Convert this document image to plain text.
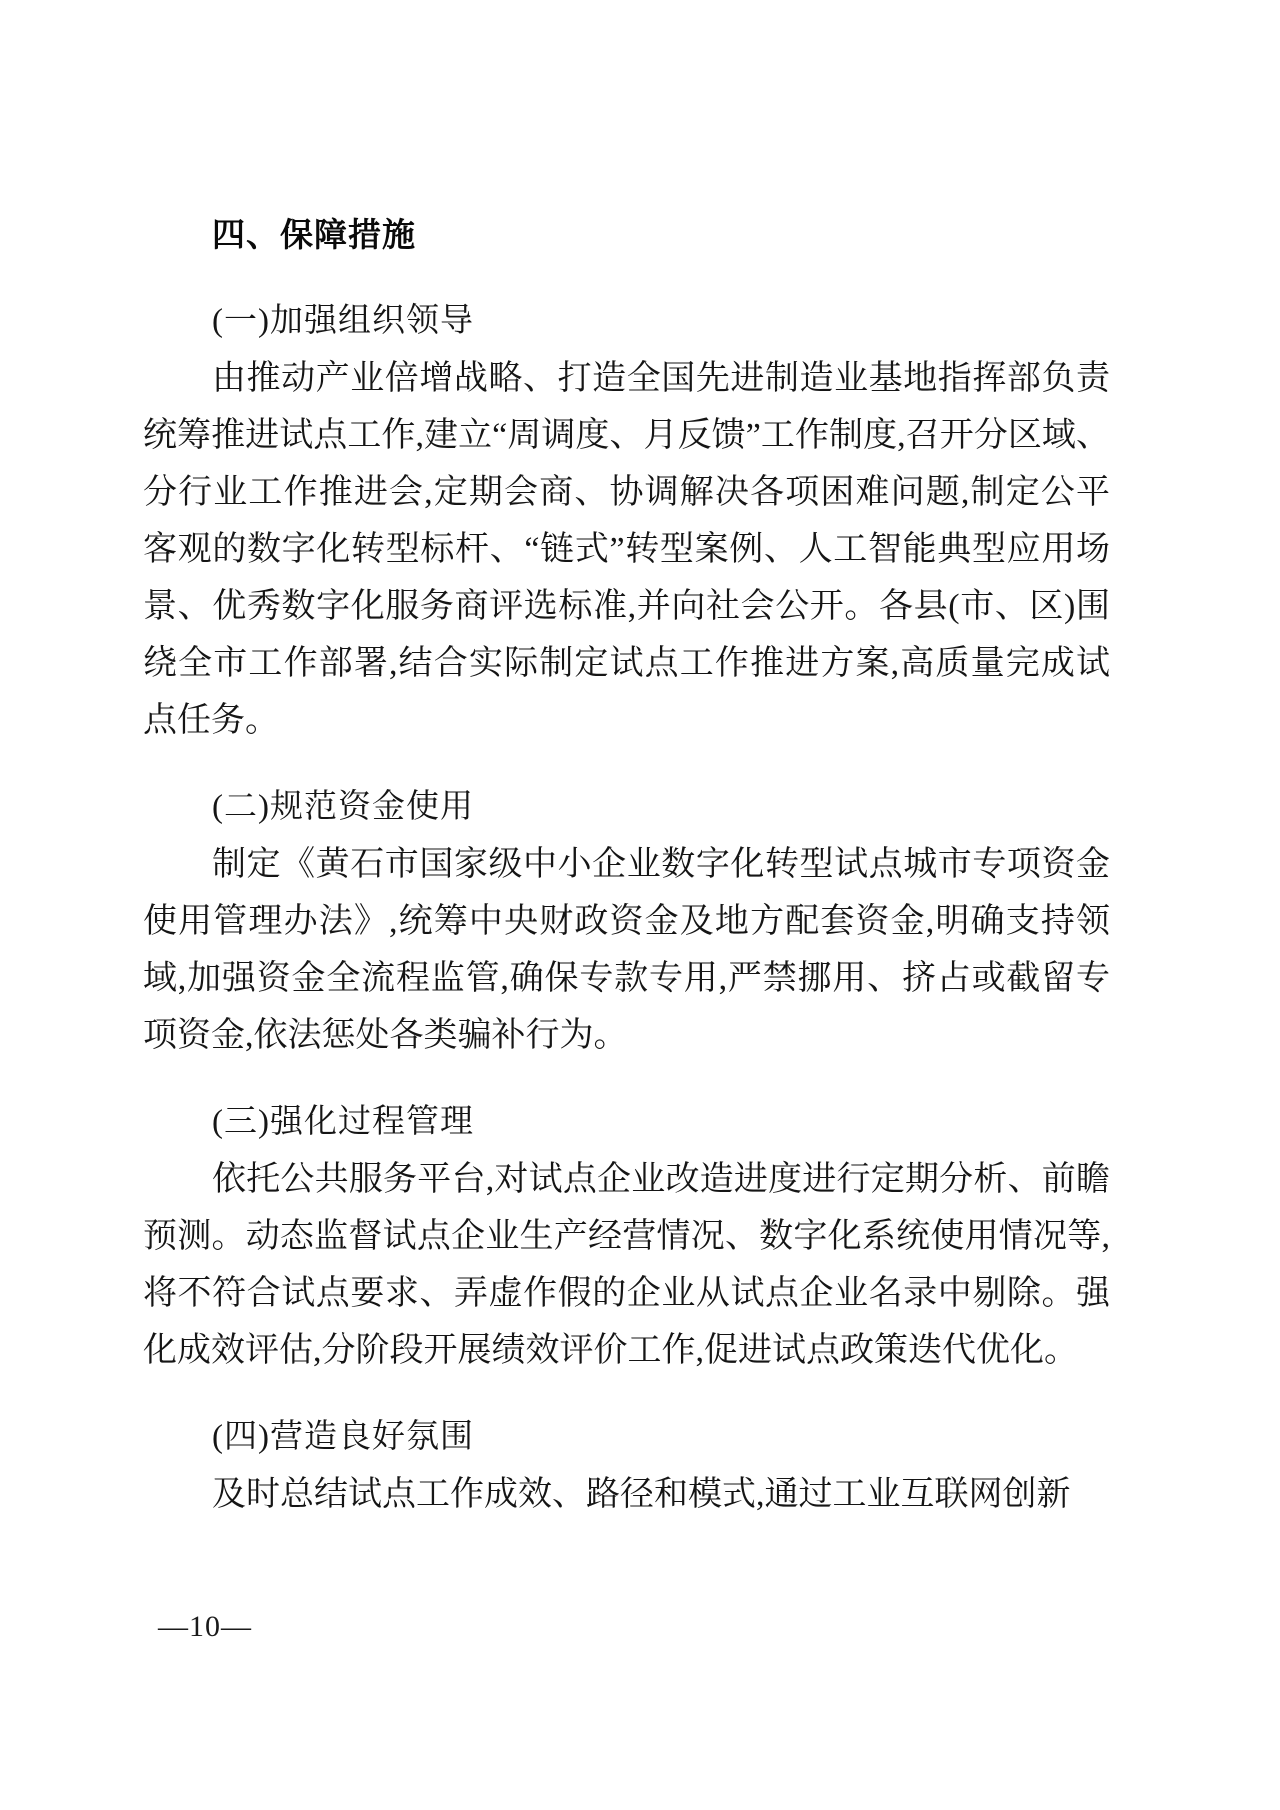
四、保障措施
(一)加强组织领导

由推动产业倍增战略、打造全国先进制造业基地指挥部负责统筹推进试点工作,建立“周调度、月反馈”工作制度,召开分区域、分行业工作推进会,定期会商、协调解决各项困难问题,制定公平客观的数字化转型标杆、“链式”转型案例、人工智能典型应用场景、优秀数字化服务商评选标准,并向社会公开。各县(市、区)围绕全市工作部署,结合实际制定试点工作推进方案,高质量完成试点任务。

(二)规范资金使用

制定《黄石市国家级中小企业数字化转型试点城市专项资金使用管理办法》,统筹中央财政资金及地方配套资金,明确支持领域,加强资金全流程监管,确保专款专用,严禁挪用、挤占或截留专项资金,依法惩处各类骗补行为。

(三)强化过程管理

依托公共服务平台,对试点企业改造进度进行定期分析、前瞻预测。动态监督试点企业生产经营情况、数字化系统使用情况等,将不符合试点要求、弄虚作假的企业从试点企业名录中剔除。强化成效评估,分阶段开展绩效评价工作,促进试点政策迭代优化。

(四)营造良好氛围

及时总结试点工作成效、路径和模式,通过工业互联网创新

—10—
